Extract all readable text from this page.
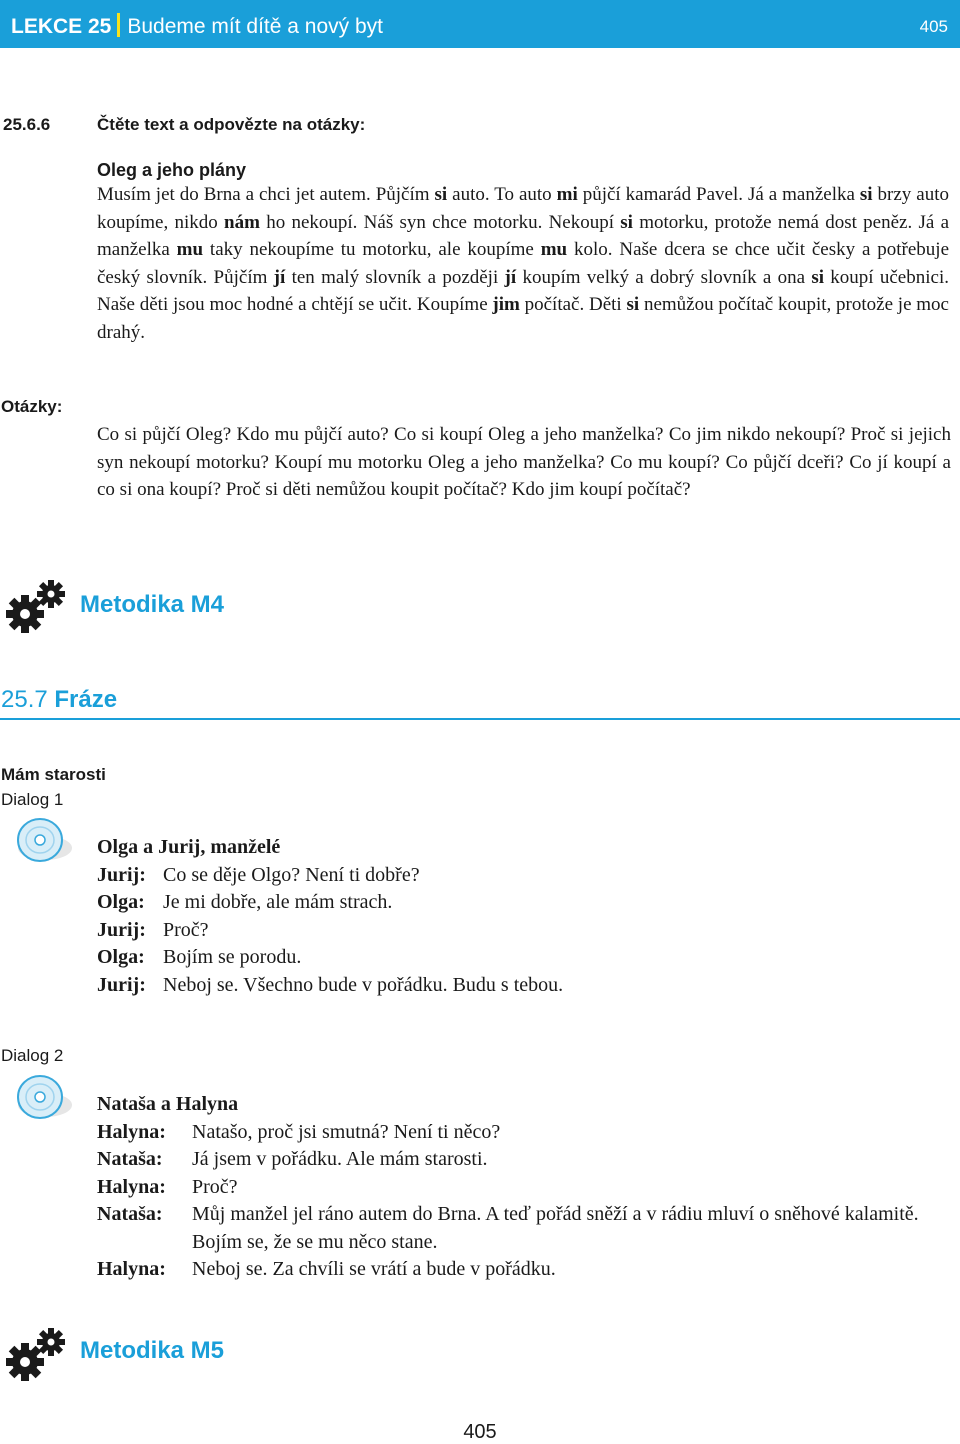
LEKCE 25 Budeme mít dítě a nový byt	405
25.6.6	Čtěte text a odpovězte na otázky:
Oleg a jeho plány
Musím jet do Brna a chci jet autem. Půjčím si auto. To auto mi půjčí kamarád Pavel. Já a manželka si brzy auto koupíme, nikdo nám ho nekoupí. Náš syn chce motorku. Nekoupí si motorku, protože nemá dost peněz. Já a manželka mu taky nekoupíme tu motorku, ale koupíme mu kolo. Naše dcera se chce učit česky a potřebuje český slovník. Půjčím jí ten malý slovník a později jí koupím velký a dobrý slovník a ona si koupí učebnici. Naše děti jsou moc hodné a chtějí se učit. Koupíme jim počítač. Děti si nemůžou počítač koupit, protože je moc drahý.
Otázky:
Co si půjčí Oleg? Kdo mu půjčí auto? Co si koupí Oleg a jeho manželka? Co jim nikdo nekoupí? Proč si jejich syn nekoupí motorku? Koupí mu motorku Oleg a jeho manželka? Co mu koupí? Co půjčí dceři? Co jí koupí a co si ona koupí? Proč si děti nemůžou koupit počítač? Kdo jim koupí počítač?
Metodika M4
25.7 Fráze
Mám starosti
Dialog 1
Olga a Jurij, manželé
Jurij:	Co se děje Olgo? Není ti dobře?
Olga:	Je mi dobře, ale mám strach.
Jurij:	Proč?
Olga:	Bojím se porodu.
Jurij:	Neboj se. Všechno bude v pořádku. Budu s tebou.
Dialog 2
Nataša a Halyna
Halyna:	Natašo, proč jsi smutná? Není ti něco?
Nataša:	Já jsem v pořádku. Ale mám starosti.
Halyna:	Proč?
Nataša:	Můj manžel jel ráno autem do Brna. A teď pořád sněží a v rádiu mluví o sněhové kalamitě. Bojím se, že se mu něco stane.
Halyna:	Neboj se. Za chvíli se vrátí a bude v pořádku.
Metodika M5
405
